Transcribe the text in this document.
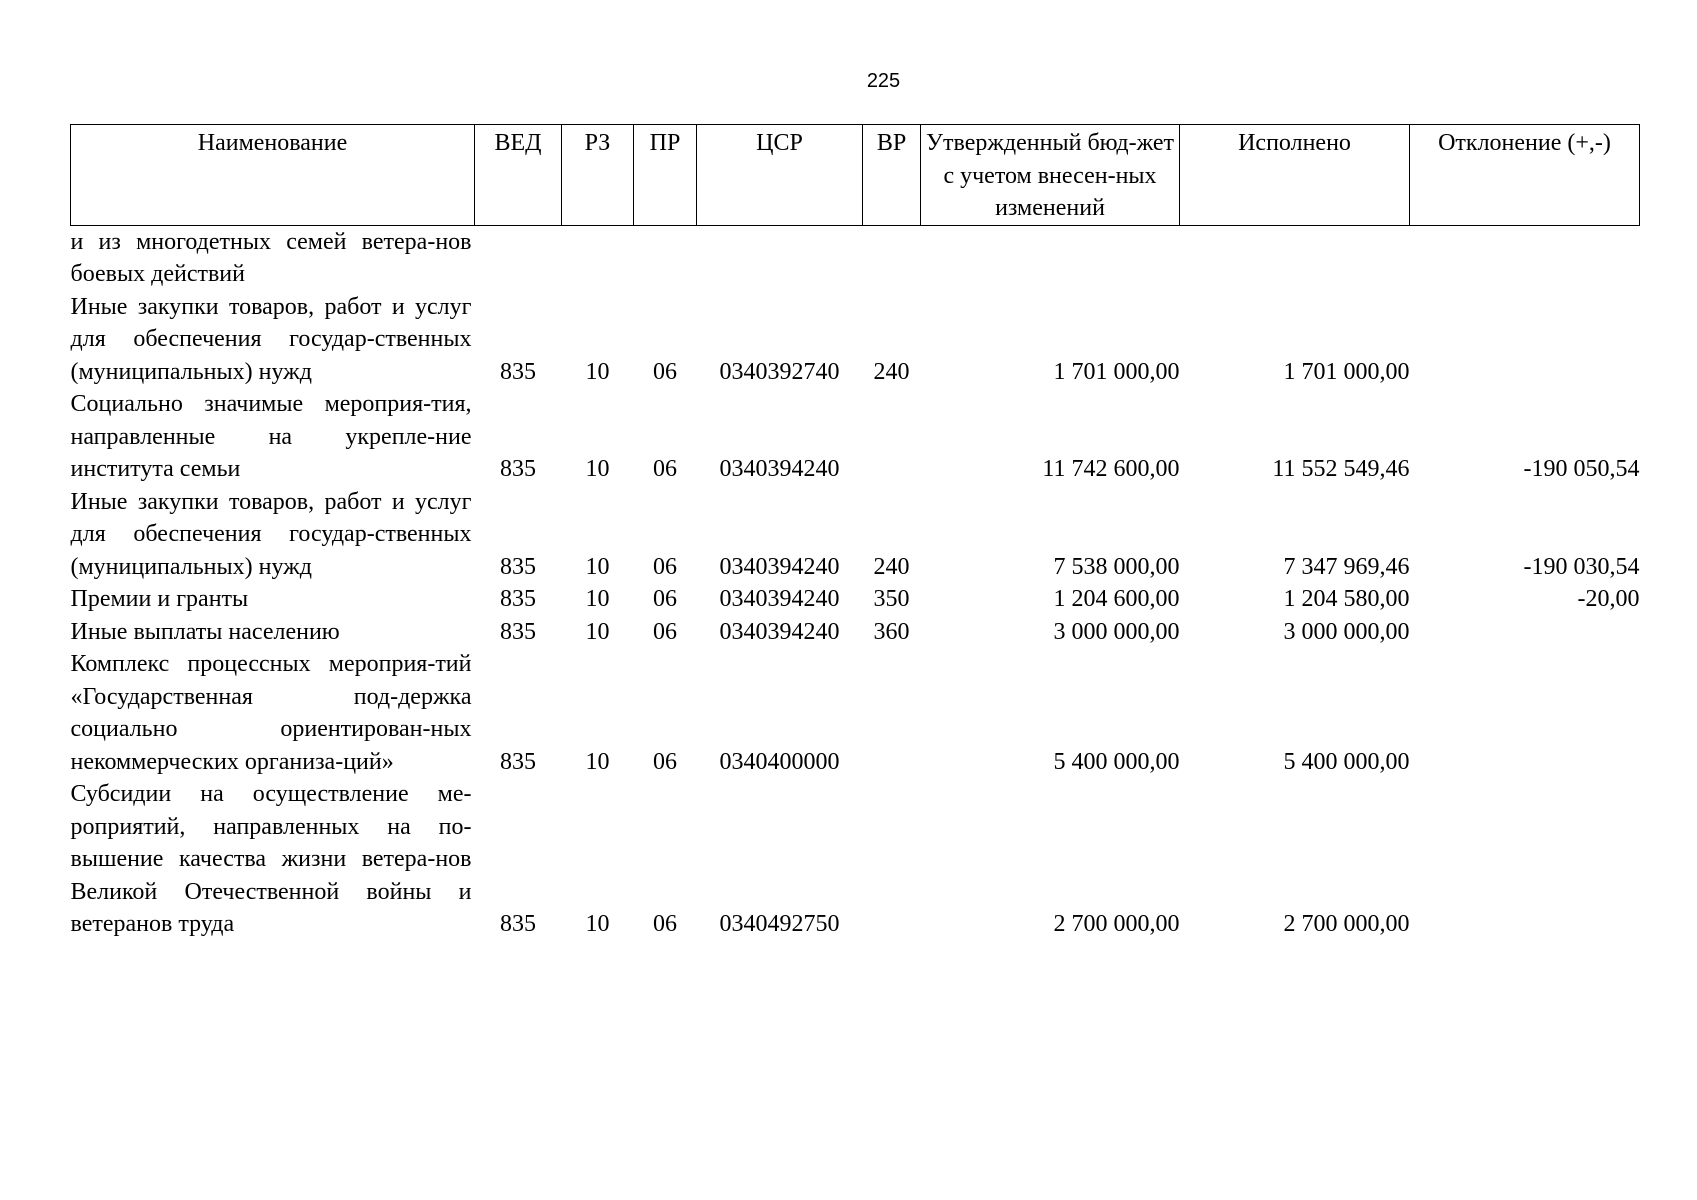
225
Наименование	ВЕД	РЗ	ПР	ЦСР	ВР	Утвержденный бюд-жет с учетом внесен-ных изменений	Исполнено	Отклонение (+,-)
и из многодетных семей ветера-нов боевых действий								
Иные закупки товаров, работ и услуг для обеспечения государ-ственных (муниципальных) нужд	835	10	06	0340392740	240	1 701 000,00	1 701 000,00	
Социально значимые мероприя-тия, направленные на укрепле-ние института семьи	835	10	06	0340394240		11 742 600,00	11 552 549,46	-190 050,54
Иные закупки товаров, работ и услуг для обеспечения государ-ственных (муниципальных) нужд	835	10	06	0340394240	240	7 538 000,00	7 347 969,46	-190 030,54
Премии и гранты	835	10	06	0340394240	350	1 204 600,00	1 204 580,00	-20,00
Иные выплаты населению	835	10	06	0340394240	360	3 000 000,00	3 000 000,00	
Комплекс процессных мероприя-тий «Государственная под-держка социально ориентирован-ных некоммерческих организа-ций»	835	10	06	0340400000		5 400 000,00	5 400 000,00	
Субсидии на осуществление ме-роприятий, направленных на по-вышение качества жизни ветера-нов Великой Отечественной войны и ветеранов труда	835	10	06	0340492750		2 700 000,00	2 700 000,00	
